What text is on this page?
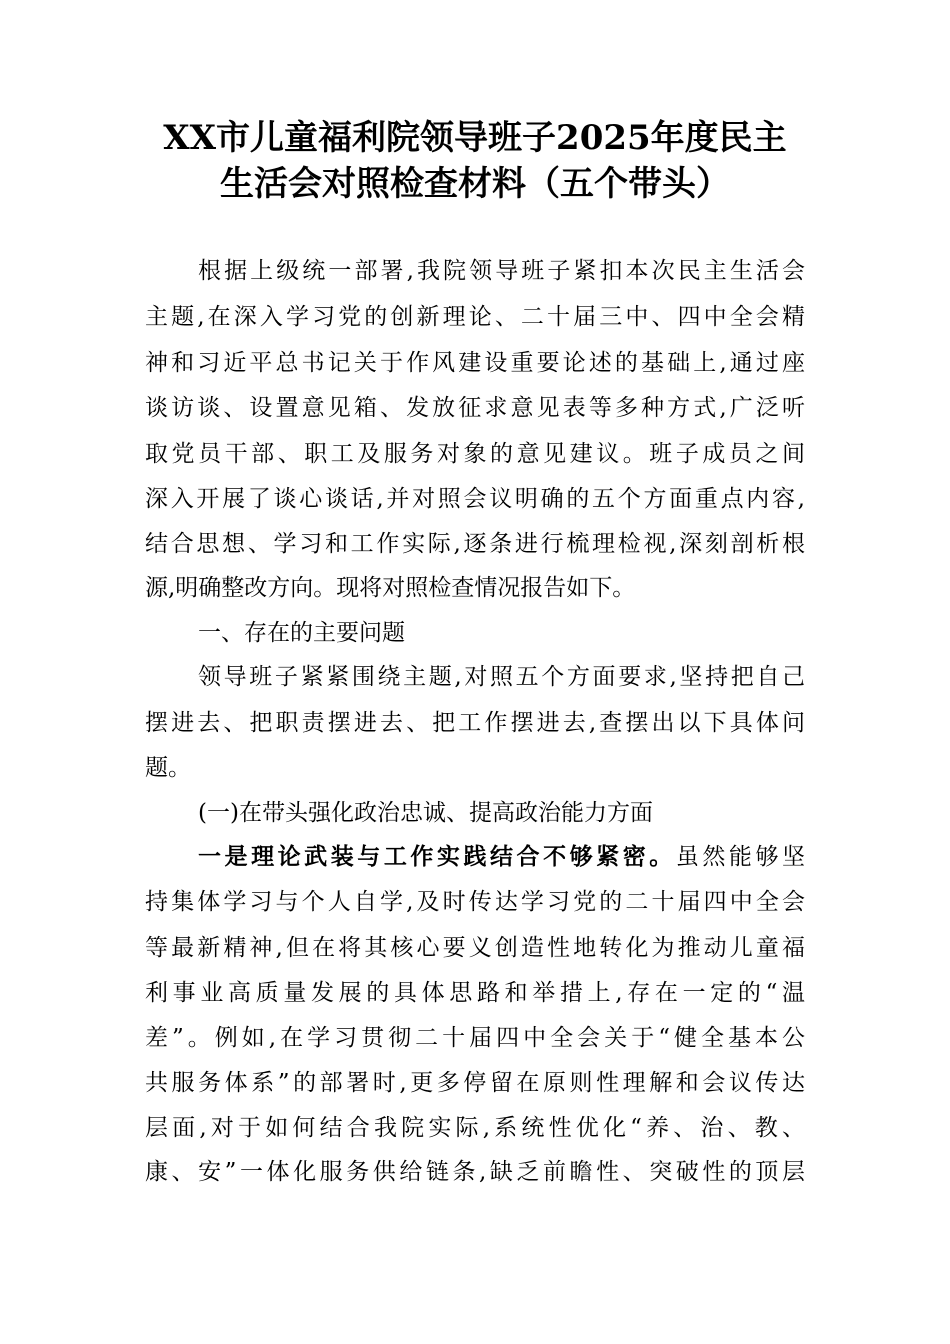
XX市儿童福利院领导班子2025年度民主
生活会对照检查材料（五个带头）
根据上级统一部署,我院领导班子紧扣本次民主生活会
主题,在深入学习党的创新理论、二十届三中、四中全会精
神和习近平总书记关于作风建设重要论述的基础上,通过座
谈访谈、设置意见箱、发放征求意见表等多种方式,广泛听
取党员干部、职工及服务对象的意见建议。班子成员之间
深入开展了谈心谈话,并对照会议明确的五个方面重点内容,
结合思想、学习和工作实际,逐条进行梳理检视,深刻剖析根
源,明确整改方向。现将对照检查情况报告如下。
一、存在的主要问题
领导班子紧紧围绕主题,对照五个方面要求,坚持把自己
摆进去、把职责摆进去、把工作摆进去,查摆出以下具体问
题。
(一)在带头强化政治忠诚、提高政治能力方面
一是理论武装与工作实践结合不够紧密。虽然能够坚
持集体学习与个人自学,及时传达学习党的二十届四中全会
等最新精神,但在将其核心要义创造性地转化为推动儿童福
利事业高质量发展的具体思路和举措上,存在一定的“温
差”。例如,在学习贯彻二十届四中全会关于“健全基本公
共服务体系”的部署时,更多停留在原则性理解和会议传达
层面,对于如何结合我院实际,系统性优化“养、治、教、
康、安”一体化服务供给链条,缺乏前瞻性、突破性的顶层
